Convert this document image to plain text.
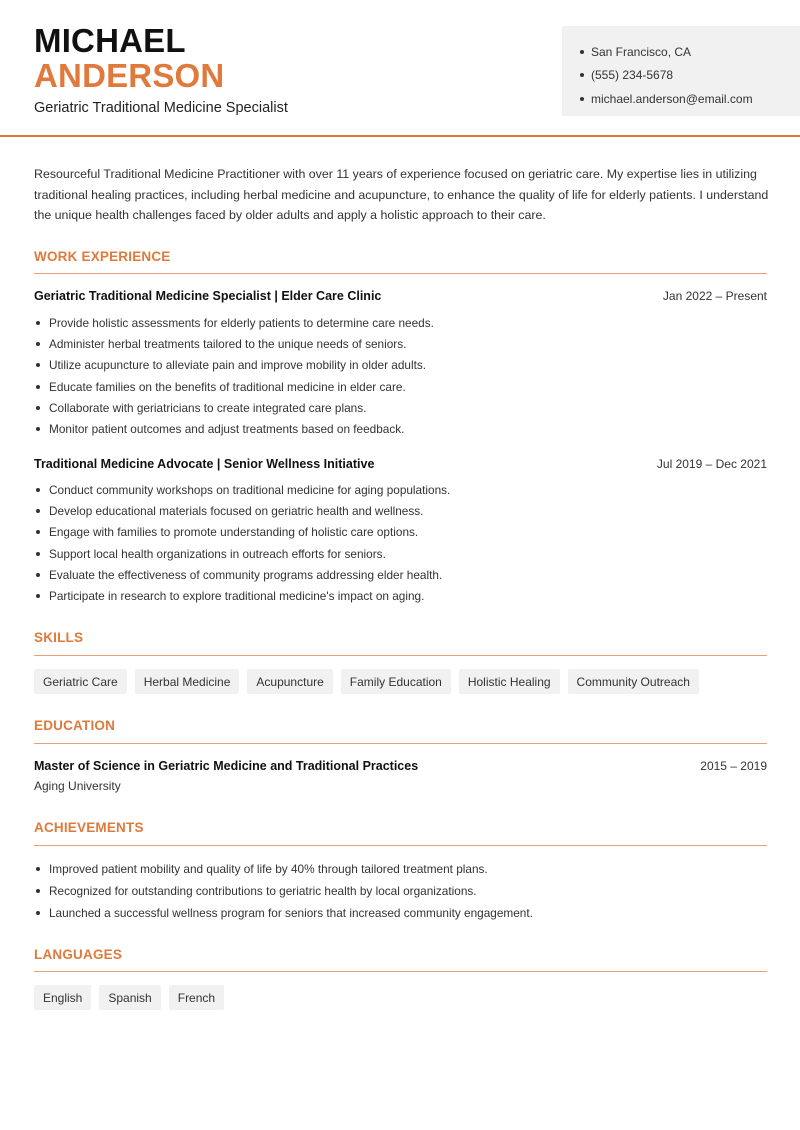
MICHAEL
ANDERSON
Geriatric Traditional Medicine Specialist
San Francisco, CA
(555) 234-5678
michael.anderson@email.com
Resourceful Traditional Medicine Practitioner with over 11 years of experience focused on geriatric care. My expertise lies in utilizing traditional healing practices, including herbal medicine and acupuncture, to enhance the quality of life for elderly patients. I understand the unique health challenges faced by older adults and apply a holistic approach to their care.
WORK EXPERIENCE
Geriatric Traditional Medicine Specialist | Elder Care Clinic	Jan 2022 – Present
Provide holistic assessments for elderly patients to determine care needs.
Administer herbal treatments tailored to the unique needs of seniors.
Utilize acupuncture to alleviate pain and improve mobility in older adults.
Educate families on the benefits of traditional medicine in elder care.
Collaborate with geriatricians to create integrated care plans.
Monitor patient outcomes and adjust treatments based on feedback.
Traditional Medicine Advocate | Senior Wellness Initiative	Jul 2019 – Dec 2021
Conduct community workshops on traditional medicine for aging populations.
Develop educational materials focused on geriatric health and wellness.
Engage with families to promote understanding of holistic care options.
Support local health organizations in outreach efforts for seniors.
Evaluate the effectiveness of community programs addressing elder health.
Participate in research to explore traditional medicine's impact on aging.
SKILLS
Geriatric Care	Herbal Medicine	Acupuncture	Family Education	Holistic Healing	Community Outreach
EDUCATION
Master of Science in Geriatric Medicine and Traditional Practices	2015 – 2019
Aging University
ACHIEVEMENTS
Improved patient mobility and quality of life by 40% through tailored treatment plans.
Recognized for outstanding contributions to geriatric health by local organizations.
Launched a successful wellness program for seniors that increased community engagement.
LANGUAGES
English	Spanish	French
